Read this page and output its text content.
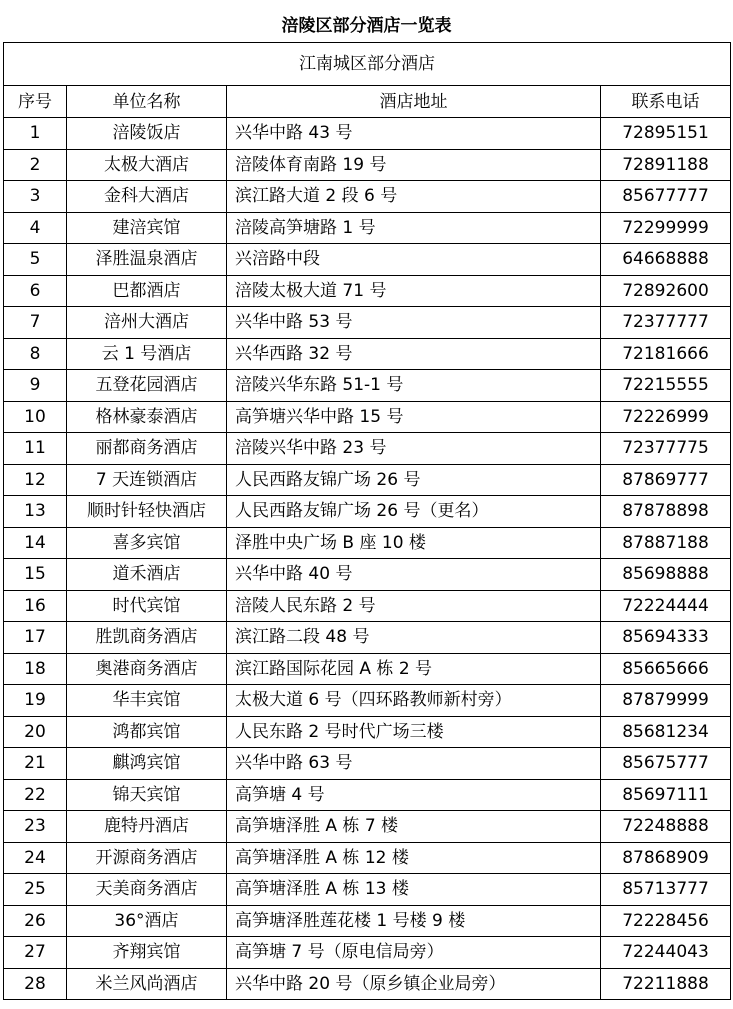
涪陵区部分酒店一览表
江南城区部分酒店			
序号	单位名称	酒店地址	联系电话
1	涪陵饭店	兴华中路 43 号	72895151
2	太极大酒店	涪陵体育南路 19 号	72891188
3	金科大酒店	滨江路大道 2 段 6 号	85677777
4	建涪宾馆	涪陵高笋塘路 1 号	72299999
5	泽胜温泉酒店	兴涪路中段	64668888
6	巴都酒店	涪陵太极大道 71 号	72892600
7	涪州大酒店	兴华中路 53 号	72377777
8	云 1 号酒店	兴华西路 32 号	72181666
9	五登花园酒店	涪陵兴华东路 51-1 号	72215555
10	格林豪泰酒店	高笋塘兴华中路 15 号	72226999
11	丽都商务酒店	涪陵兴华中路 23 号	72377775
12	7 天连锁酒店	人民西路友锦广场 26 号	87869777
13	顺时针轻快酒店	人民西路友锦广场 26 号（更名）	87878898
14	喜多宾馆	泽胜中央广场 B 座 10 楼	87887188
15	道禾酒店	兴华中路 40 号	85698888
16	时代宾馆	涪陵人民东路 2 号	72224444
17	胜凯商务酒店	滨江路二段 48 号	85694333
18	奥港商务酒店	滨江路国际花园 A 栋 2 号	85665666
19	华丰宾馆	太极大道 6 号（四环路教师新村旁）	87879999
20	鸿都宾馆	人民东路 2 号时代广场三楼	85681234
21	麒鸿宾馆	兴华中路 63 号	85675777
22	锦天宾馆	高笋塘 4 号	85697111
23	鹿特丹酒店	高笋塘泽胜 A 栋 7 楼	72248888
24	开源商务酒店	高笋塘泽胜 A 栋 12 楼	87868909
25	天美商务酒店	高笋塘泽胜 A 栋 13 楼	85713777
26	36°酒店	高笋塘泽胜莲花楼 1 号楼 9 楼	72228456
27	齐翔宾馆	高笋塘 7 号（原电信局旁）	72244043
28	米兰风尚酒店	兴华中路 20 号（原乡镇企业局旁）	72211888
